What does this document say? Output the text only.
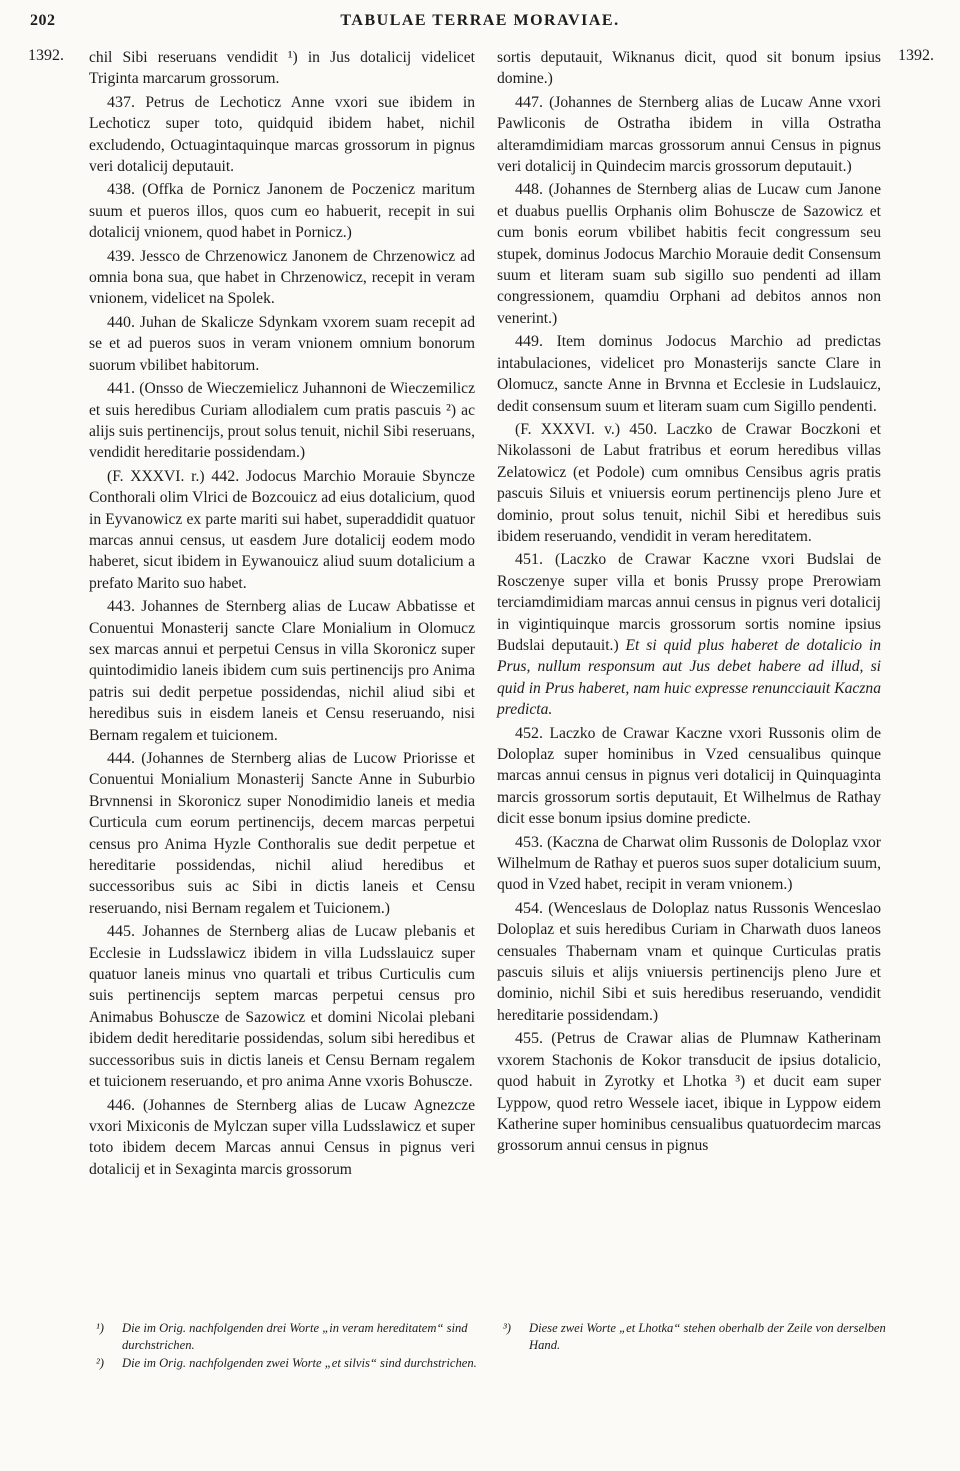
202	TABULAE TERRAE MORAVIAE.
1392.	1392.
chil Sibi reseruans vendidit ¹) in Jus dotalicij videlicet Triginta marcarum grossorum.
437. Petrus de Lechoticz Anne vxori sue ibidem in Lechoticz super toto, quidquid ibidem habet, nichil excludendo, Octuagintaquinque marcas grossorum in pignus veri dotalicij deputauit.
438. (Offka de Pornicz Janonem de Poczenicz maritum suum et pueros illos, quos cum eo habuerit, recepit in sui dotalicij vnionem, quod habet in Pornicz.)
439. Jessco de Chrzenowicz Janonem de Chrzenowicz ad omnia bona sua, que habet in Chrzenowicz, recepit in veram vnionem, videlicet na Spolek.
440. Juhan de Skalicze Sdynkam vxorem suam recepit ad se et ad pueros suos in veram vnionem omnium bonorum suorum vbilibet habitorum.
441. (Onsso de Wieczemielicz Juhannoni de Wieczemilicz et suis heredibus Curiam allodialem cum pratis pascuis ²) ac alijs suis pertinencijs, prout solus tenuit, nichil Sibi reseruans, vendidit hereditarie possidendam.)
(F. XXXVI. r.) 442. Jodocus Marchio Morauie Sbyncze Conthorali olim Vlrici de Bozcouicz ad eius dotalicium, quod in Eyvanowicz ex parte mariti sui habet, superaddidit quatuor marcas annui census, ut easdem Jure dotalicij eodem modo haberet, sicut ibidem in Eywanouicz aliud suum dotalicium a prefato Marito suo habet.
443. Johannes de Sternberg alias de Lucaw Abbatisse et Conuentui Monasterij sancte Clare Monialium in Olomucz sex marcas annui et perpetui Census in villa Skoronicz super quintodimidio laneis ibidem cum suis pertinencijs pro Anima patris sui dedit perpetue possidendas, nichil aliud sibi et heredibus suis in eisdem laneis et Censu reseruando, nisi Bernam regalem et tuicionem.
444. (Johannes de Sternberg alias de Lucow Priorisse et Conuentui Monialium Monasterij Sancte Anne in Suburbio Brvnnensi in Skoronicz super Nonodimidio laneis et media Curticula cum eorum pertinencijs, decem marcas perpetui census pro Anima Hyzle Conthoralis sue dedit perpetue et hereditarie possidendas, nichil aliud heredibus et successoribus suis ac Sibi in dictis laneis et Censu reseruando, nisi Bernam regalem et Tuicionem.)
445. Johannes de Sternberg alias de Lucaw plebanis et Ecclesie in Ludsslawicz ibidem in villa Ludsslauicz super quatuor laneis minus vno quartali et tribus Curticulis cum suis pertinencijs septem marcas perpetui census pro Animabus Bohuscze de Sazowicz et domini Nicolai plebani ibidem dedit hereditarie possidendas, solum sibi heredibus et successoribus suis in dictis laneis et Censu Bernam regalem et tuicionem reseruando, et pro anima Anne vxoris Bohuscze.
446. (Johannes de Sternberg alias de Lucaw Agnezcze vxori Mixiconis de Mylczan super villa Ludsslawicz et super toto ibidem decem Marcas annui Census in pignus veri dotalicij et in Sexaginta marcis grossorum
sortis deputauit, Wiknanus dicit, quod sit bonum ipsius domine.)
447. (Johannes de Sternberg alias de Lucaw Anne vxori Pawliconis de Ostratha ibidem in villa Ostratha alteramdimidiam marcas grossorum annui Census in pignus veri dotalicij in Quindecim marcis grossorum deputauit.)
448. (Johannes de Sternberg alias de Lucaw cum Janone et duabus puellis Orphanis olim Bohuscze de Sazowicz et cum bonis eorum vbilibet habitis fecit congressum seu stupek, dominus Jodocus Marchio Morauie dedit Consensum suum et literam suam sub sigillo suo pendenti ad illam congressionem, quamdiu Orphani ad debitos annos non venerint.)
449. Item dominus Jodocus Marchio ad predictas intabulaciones, videlicet pro Monasterijs sancte Clare in Olomucz, sancte Anne in Brvnna et Ecclesie in Ludslauicz, dedit consensum suum et literam suam cum Sigillo pendenti.
(F. XXXVI. v.) 450. Laczko de Crawar Boczkoni et Nikolassoni de Labut fratribus et eorum heredibus villas Zelatowicz (et Podole) cum omnibus Censibus agris pratis pascuis Siluis et vniuersis eorum pertinencijs pleno Jure et dominio, prout solus tenuit, nichil Sibi et heredibus suis ibidem reseruando, vendidit in veram hereditatem.
451. (Laczko de Crawar Kaczne vxori Budslai de Rosczenye super villa et bonis Prussy prope Prerowiam terciamdimidiam marcas annui census in pignus veri dotalicij in vigintiquinque marcis grossorum sortis nomine ipsius Budslai deputauit.) Et si quid plus haberet de dotalicio in Prus, nullum responsum aut Jus debet habere ad illud, si quid in Prus haberet, nam huic expresse renuncciauit Kaczna predicta.
452. Laczko de Crawar Kaczne vxori Russonis olim de Doloplaz super hominibus in Vzed censualibus quinque marcas annui census in pignus veri dotalicij in Quinquaginta marcis grossorum sortis deputauit, Et Wilhelmus de Rathay dicit esse bonum ipsius domine predicte.
453. (Kaczna de Charwat olim Russonis de Doloplaz vxor Wilhelmum de Rathay et pueros suos super dotalicium suum, quod in Vzed habet, recipit in veram vnionem.)
454. (Wenceslaus de Doloplaz natus Russonis Wenceslao Doloplaz et suis heredibus Curiam in Charwath duos laneos censuales Thabernam vnam et quinque Curticulas pratis pascuis siluis et alijs vniuersis pertinencijs pleno Jure et dominio, nichil Sibi et suis heredibus reseruando, vendidit hereditarie possidendam.)
455. (Petrus de Crawar alias de Plumnaw Katherinam vxorem Stachonis de Kokor transducit de ipsius dotalicio, quod habuit in Zyrotky et Lhotka ³) et ducit eam super Lyppow, quod retro Wessele iacet, ibique in Lyppow eidem Katherine super hominibus censualibus quatuordecim marcas grossorum annui census in pignus
¹) Die im Orig. nachfolgenden drei Worte „in veram hereditatem“ sind durchstrichen.
²) Die im Orig. nachfolgenden zwei Worte „et silvis“ sind durchstrichen.
³) Diese zwei Worte „et Lhotka“ stehen oberhalb der Zeile von derselben Hand.
